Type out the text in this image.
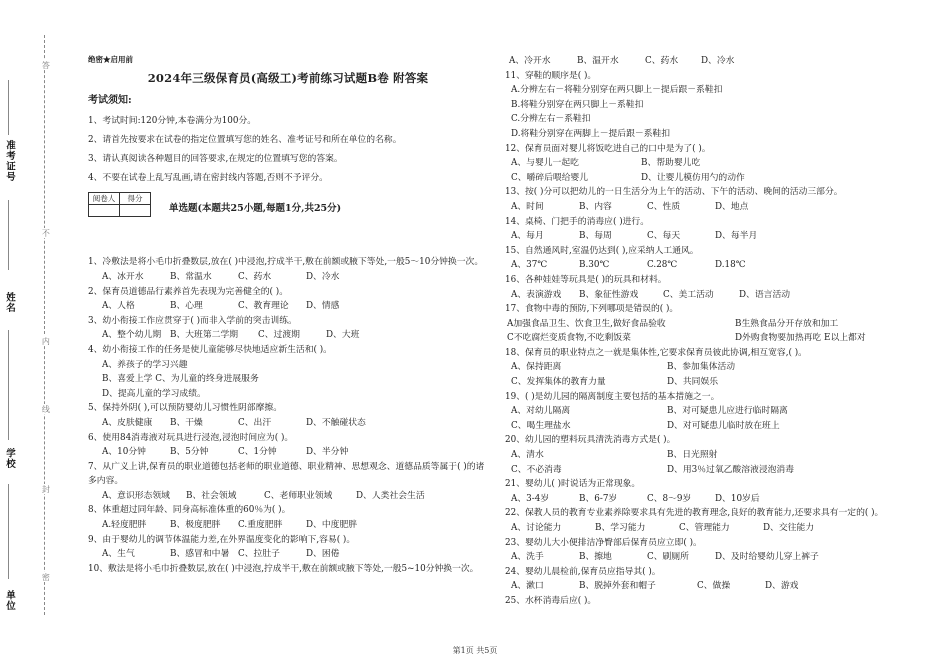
答
不
内
线
封
密
准考证号
姓名
学校
单位
绝密★启用前
2024年三级保育员(高级工)考前练习试题B卷 附答案
考试须知:

1、考试时间:120分钟,本卷满分为100分。

2、请首先按要求在试卷的指定位置填写您的姓名、准考证号和所在单位的名称。

3、请认真阅读各种题目的回答要求,在规定的位置填写您的答案。

4、不要在试卷上乱写乱画,请在密封线内答题,否则不予评分。

阅卷人	得分

单选题(本题共25小题,每题1分,共25分)

1、冷敷法是将小毛巾折叠数层,放在( )中浸泡,拧成半干,敷在前额或腋下等处,一般5～10分钟换一次。

A、冰开水	B、常温水	C、药水	D、冷水

2、保育员道德品行素养首先表现为完善健全的( )。

A、人格	B、心理	C、教育理论	D、情感

3、幼小衔接工作应贯穿于( )而非入学前的突击训练。

A、整个幼儿期	B、大班第二学期	C、过渡期	D、大班

4、幼小衔接工作的任务是使儿童能够尽快地适应新生活和( )。

A、养孩子的学习兴趣
B、喜爱上学 C、为儿童的终身进展服务
D、提高儿童的学习成绩。

5、保持外阴( ),可以预防婴幼儿习惯性阴部摩擦。

A、皮肤健康	B、干燥	C、出汗	D、不触碰状态

6、使用84消毒液对玩具进行浸泡,浸泡时间应为( )。

A、10分钟	B、5分钟	C、1分钟	D、半分钟

7、从广义上讲,保育员的职业道德包括老师的职业道德、职业精神、思想观念、道德品质等属于( )的诸多内容。

A、意识形态领域	B、社会领域	C、老师职业领域	D、人类社会生活

8、体重超过同年龄、同身高标准体重的60％为( )。

A.轻度肥胖	B、极度肥胖	C.重度肥胖	D、中度肥胖

9、由于婴幼儿的调节体温能力差,在外界温度变化的影响下,容易( )。

A、生气	B、感冒和中暑 C、拉肚子	D、困倦

10、敷法是将小毛巾折叠数层,放在( )中浸泡,拧成半干,敷在前额或腋下等处,一般5~10分钟换一次。

A、冷开水	B、温开水	C、药水	D、冷水

11、穿鞋的顺序是( )。

A.分辨左右－将鞋分别穿在两只脚上－提后跟－系鞋扣
B.将鞋分别穿在两只脚上－系鞋扣
C.分辨左右－系鞋扣
D.将鞋分别穿在两脚上－提后跟－系鞋扣

12、保育员面对婴儿将饭吃进自己的口中是为了( )。

A、与婴儿一起吃	B、帮助婴儿吃
C、嚼碎后喂给婴儿	D、让婴儿模仿用勺的动作

13、按( )分可以把幼儿的一日生活分为上午的活动、下午的活动、晚间的活动三部分。

A、时间	B、内容	C、性质	D、地点

14、桌椅、门把手的消毒应( )进行。

A、每月	B、每周	C、每天	D、每半月

15、自然通风时,室温仍达到( ),应采纳人工通风。

A、37℃	B.30℃	C.28℃	D.18℃

16、各种娃娃等玩具是( )的玩具和材料。

A、表演游戏	B、象征性游戏	C、美工活动	D、语言活动

17、食物中毒的预防,下列哪项是错误的( )。

A加强食品卫生、饮食卫生,做好食品验收	B生熟食品分开存放和加工
C不吃腐烂变质食物,不吃剩饭菜	D外购食物要加热再吃 E以上都对

18、保育员的职业特点之一就是集体性,它要求保育员彼此协调,相互宽容,( )。

A、保持距离	B、参加集体活动
C、发挥集体的教育力量	D、共同娱乐

19、( )是幼儿园的隔离制度主要包括的基本措施之一。

A、对幼儿隔离	B、对可疑患儿应进行临时隔离
C、喝生理盐水	D、对可疑患儿临时放在班上

20、幼儿园的塑料玩具清洗消毒方式是( )。

A、清水	B、日光照射
C、不必消毒	D、用3％过氧乙酸溶液浸泡消毒

21、婴幼儿( )时说话为正常现象。

A、3-4岁	B、6-7岁	C、8～9岁	D、10岁后

22、保教人员的教育专业素养除要求具有先进的教育理念,良好的教育能力,还要求具有一定的( )。

A、讨论能力	B、学习能力	C、管理能力	D、交往能力

23、婴幼儿大小便排洁净臀部后保育员应立即( )。

A、洗手	B、擦地	C、刷厕所	D、及时给婴幼儿穿上裤子

24、婴幼儿晨检前,保育员应指导其( )。

A、漱口	B、脱掉外套和帽子	C、做操	D、游戏

25、水杯消毒后应( )。

第1页 共5页
